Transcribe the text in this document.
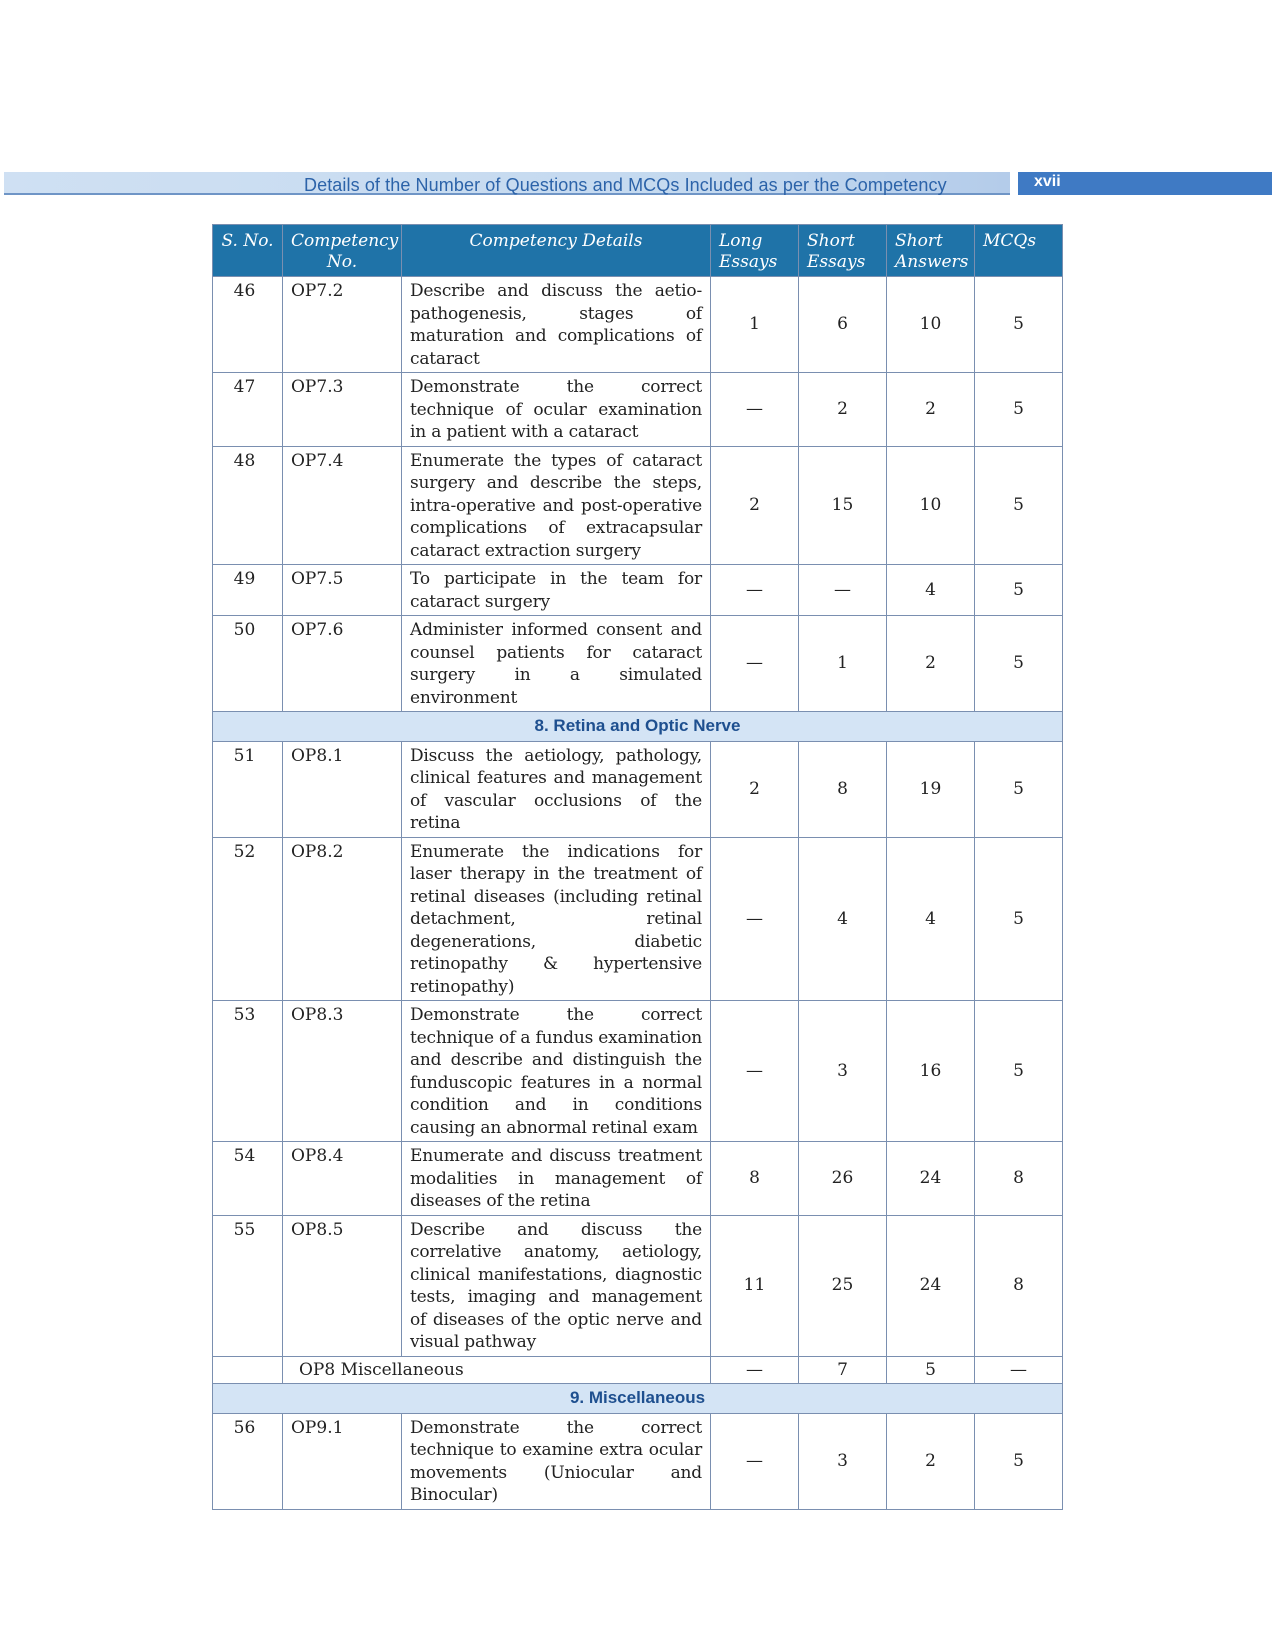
Details of the Number of Questions and MCQs Included as per the Competency	xvii
S. No.	Competency No.	Competency Details	Long Essays	Short Essays	Short Answers	MCQs
46	OP7.2	Describe and discuss the aetio-pathogenesis, stages of maturation and complications of cataract	1	6	10	5
47	OP7.3	Demonstrate the correct technique of ocular examination in a patient with a cataract	—	2	2	5
48	OP7.4	Enumerate the types of cataract surgery and describe the steps, intra-operative and post-operative complications of extracapsular cataract extraction surgery	2	15	10	5
49	OP7.5	To participate in the team for cataract surgery	—	—	4	5
50	OP7.6	Administer informed consent and counsel patients for cataract surgery in a simulated environment	—	1	2	5
8. Retina and Optic Nerve						
51	OP8.1	Discuss the aetiology, pathology, clinical features and management of vascular occlusions of the retina	2	8	19	5
52	OP8.2	Enumerate the indications for laser therapy in the treatment of retinal diseases (including retinal detachment, retinal degenerations, diabetic retinopathy & hypertensive retinopathy)	—	4	4	5
53	OP8.3	Demonstrate the correct technique of a fundus examination and describe and distinguish the funduscopic features in a normal condition and in conditions causing an abnormal retinal exam	—	3	16	5
54	OP8.4	Enumerate and discuss treatment modalities in management of diseases of the retina	8	26	24	8
55	OP8.5	Describe and discuss the correlative anatomy, aetiology, clinical manifestations, diagnostic tests, imaging and management of diseases of the optic nerve and visual pathway	11	25	24	8
	OP8 Miscellaneous		—	7	5	—
9. Miscellaneous						
56	OP9.1	Demonstrate the correct technique to examine extra ocular movements (Uniocular and Binocular)	—	3	2	5
